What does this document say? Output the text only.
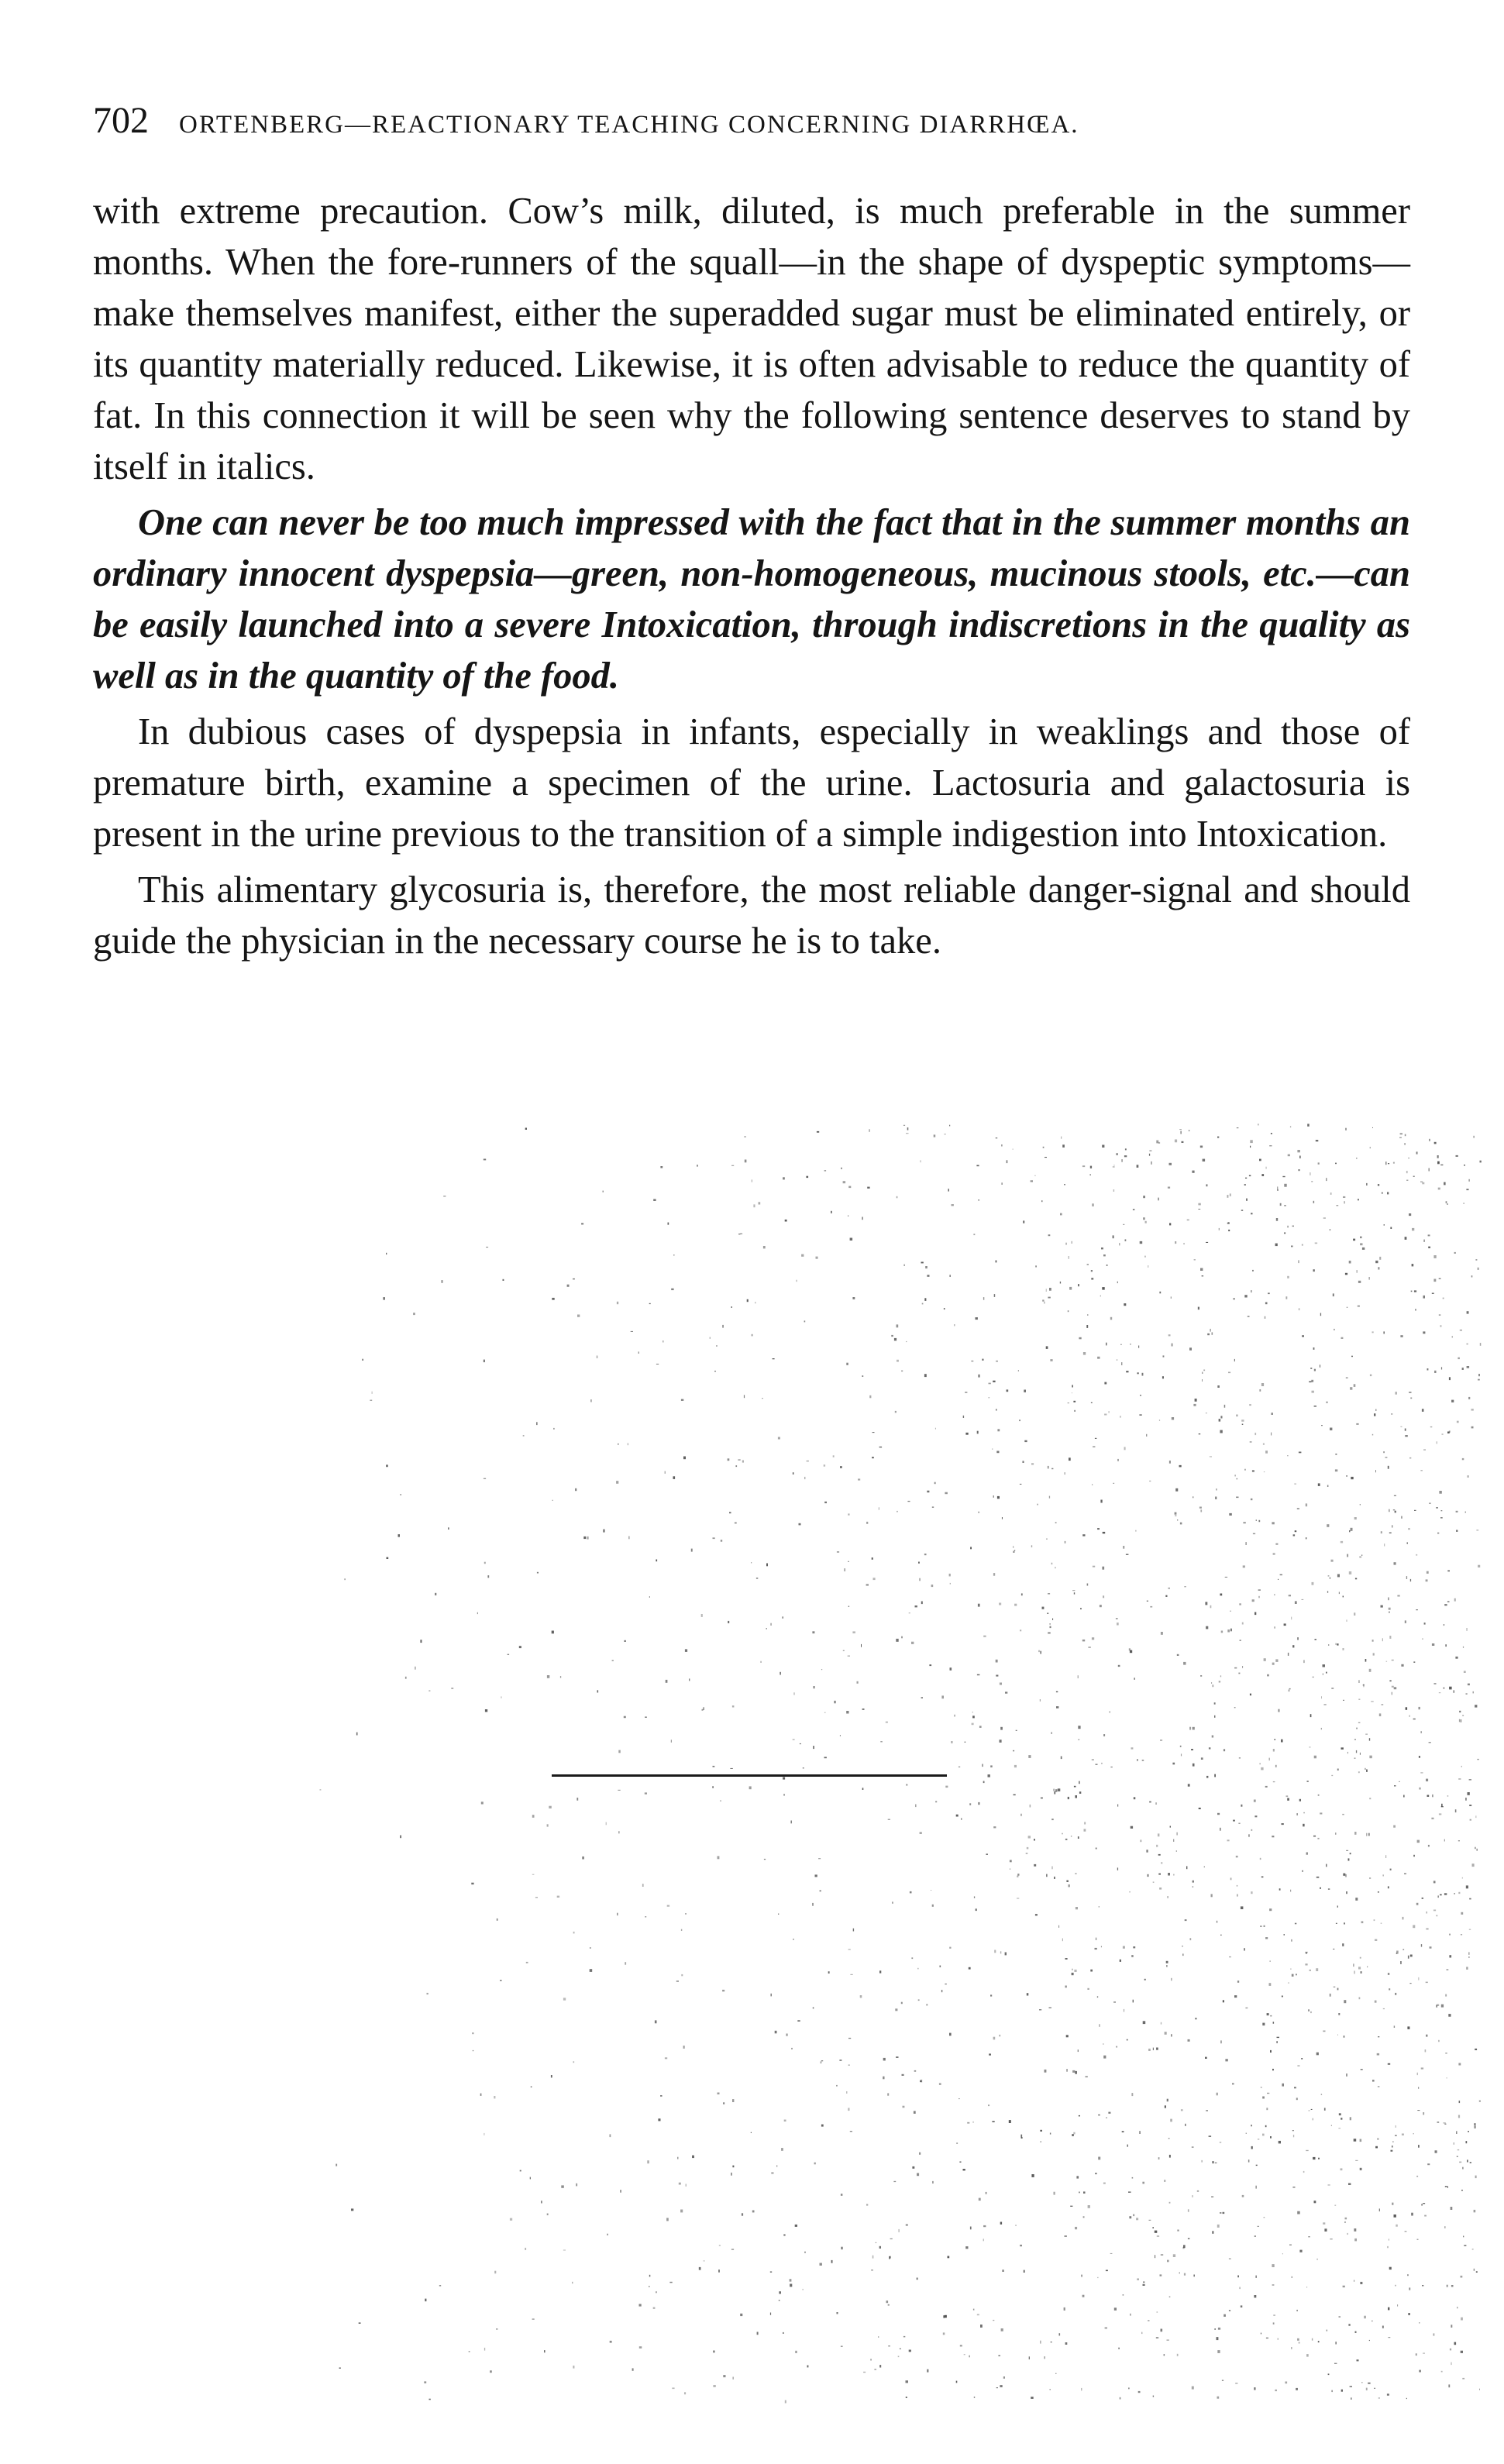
702 ORTENBERG—REACTIONARY TEACHING CONCERNING DIARRHŒA.

with extreme precaution. Cow’s milk, diluted, is much preferable in the summer months. When the fore-runners of the squall—in the shape of dyspeptic symptoms—make themselves manifest, either the superadded sugar must be eliminated entirely, or its quantity materially reduced. Likewise, it is often advisable to reduce the quantity of fat. In this connection it will be seen why the following sentence deserves to stand by itself in italics.

One can never be too much impressed with the fact that in the summer months an ordinary innocent dyspepsia—green, non-homogeneous, mucinous stools, etc.—can be easily launched into a severe Intoxication, through indiscretions in the quality as well as in the quantity of the food.

In dubious cases of dyspepsia in infants, especially in weaklings and those of premature birth, examine a specimen of the urine. Lactosuria and galactosuria is present in the urine previous to the transition of a simple indigestion into Intoxication.

This alimentary glycosuria is, therefore, the most reliable danger-signal and should guide the physician in the necessary course he is to take.
